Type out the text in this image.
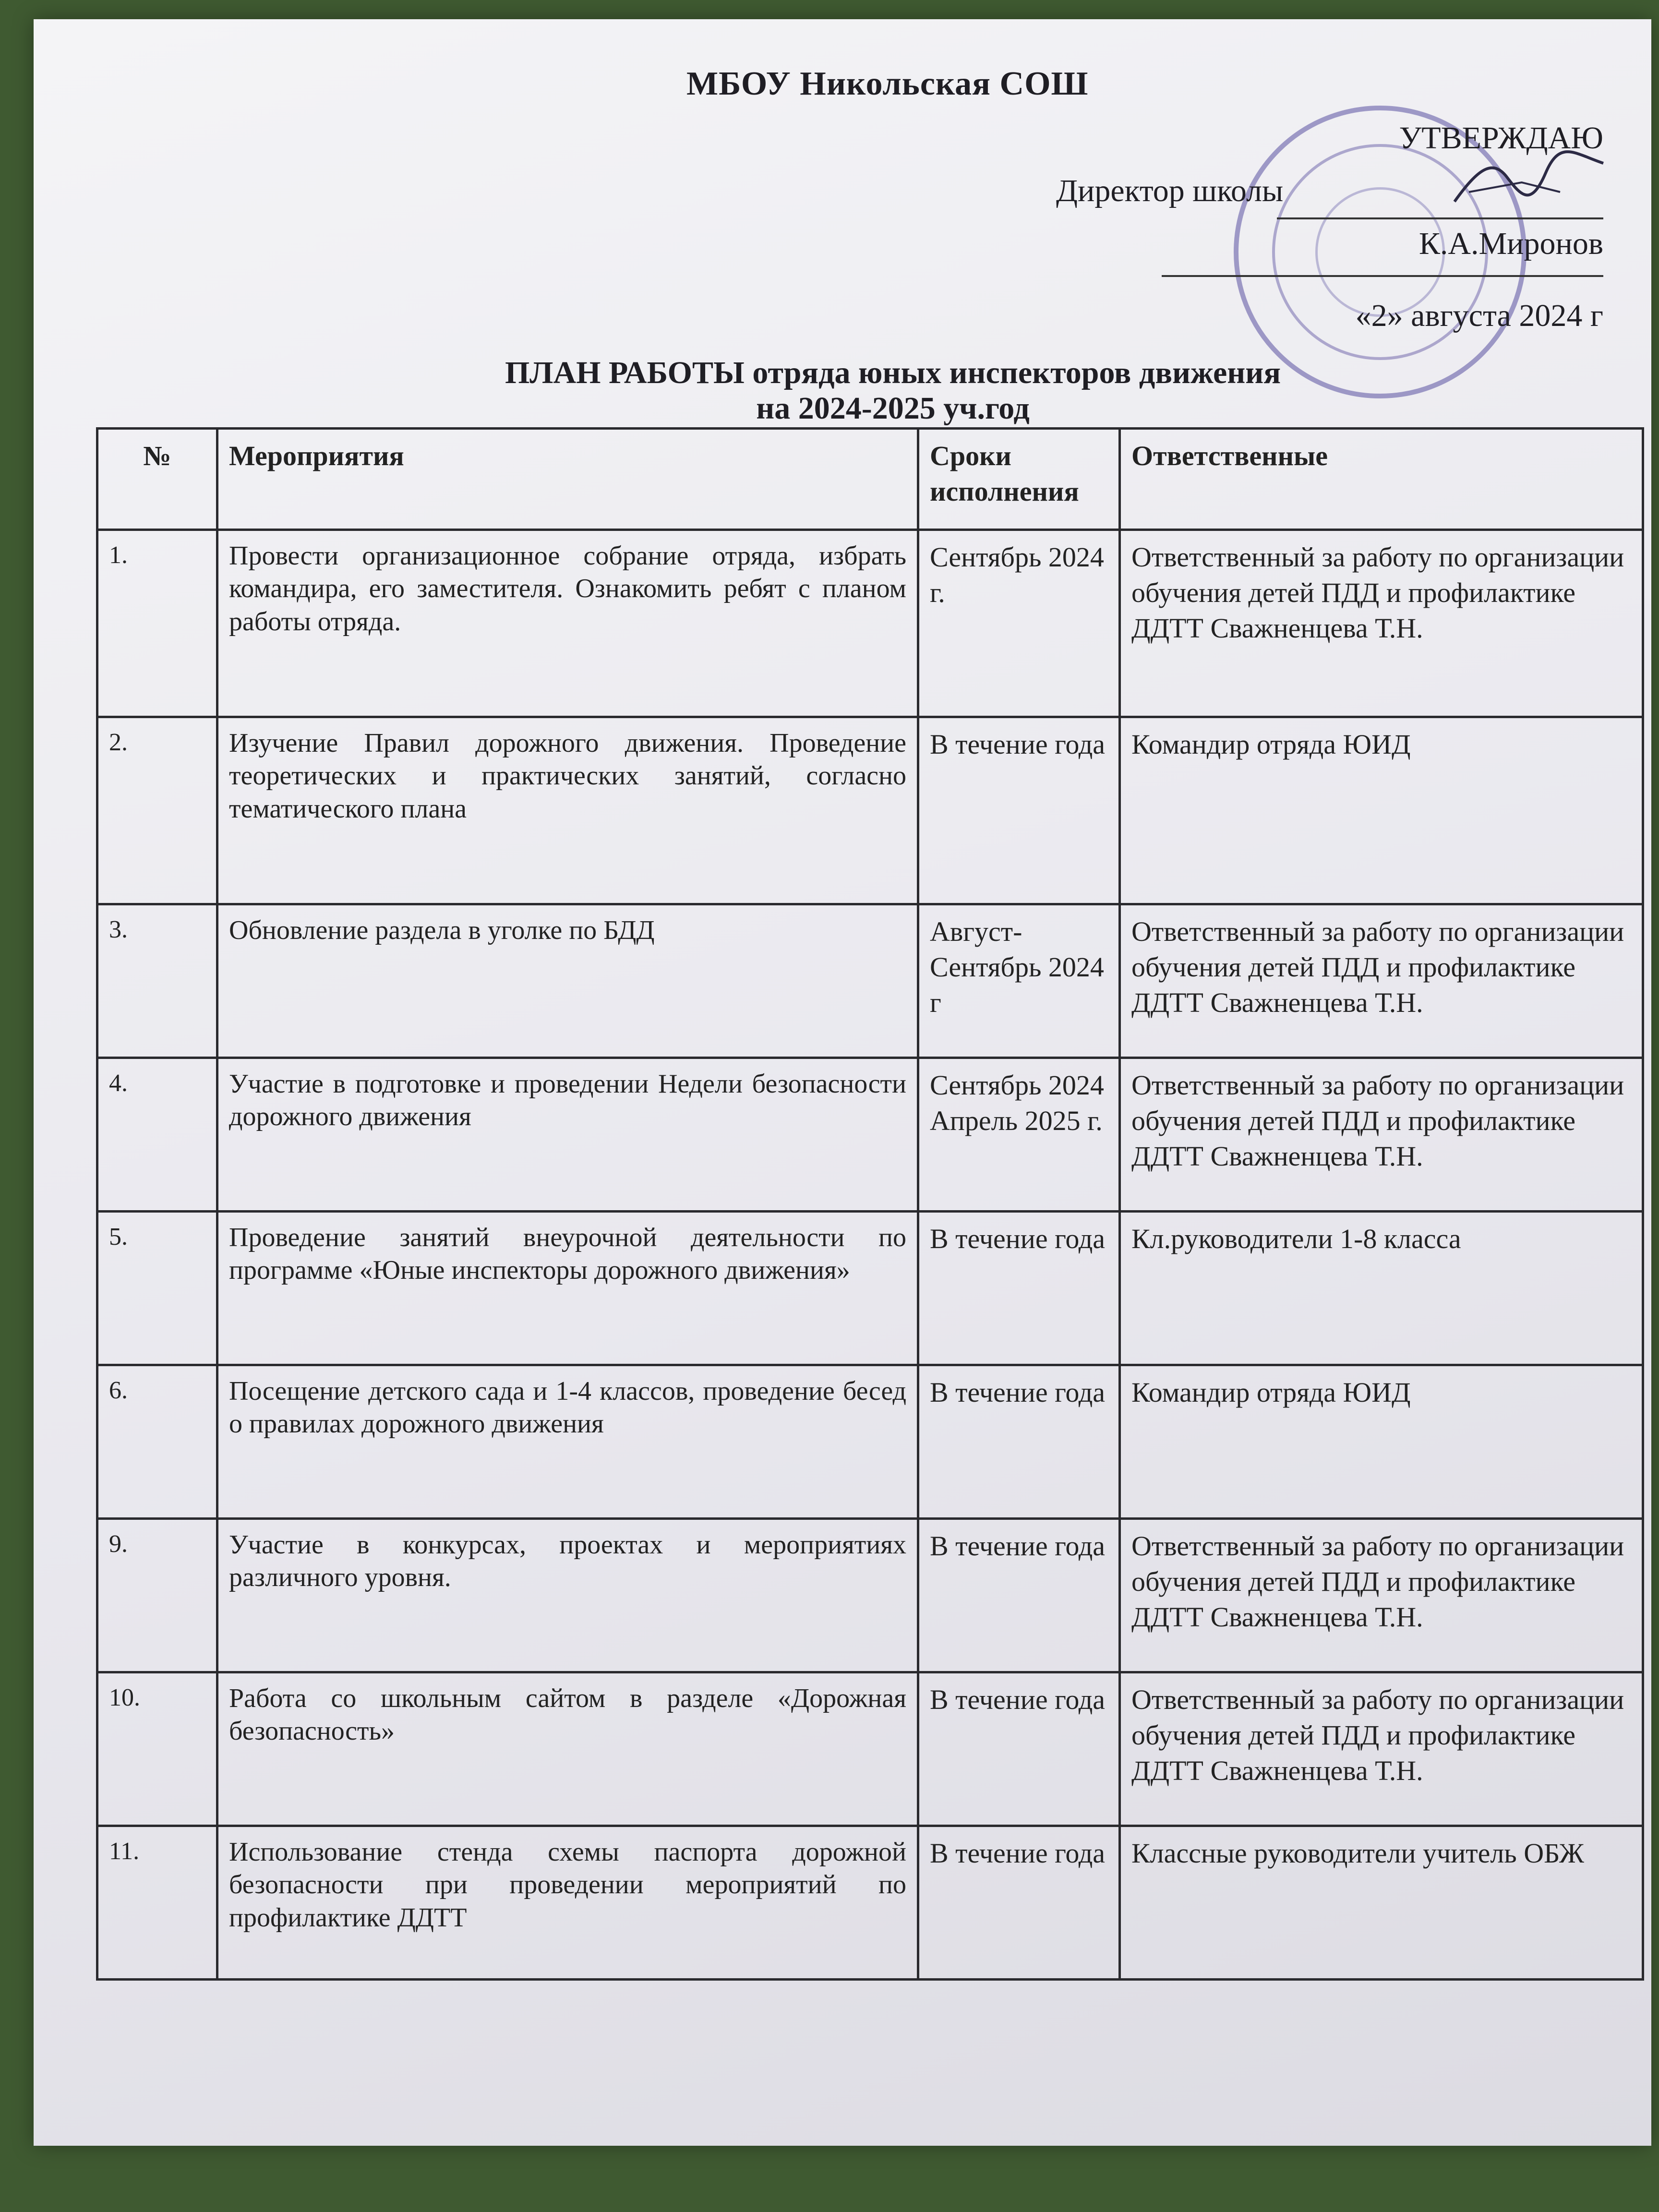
МБОУ Никольская СОШ
УТВЕРЖДАЮ
Директор школы
К.А.Миронов
«2» августа 2024 г
ПЛАН РАБОТЫ отряда юных инспекторов движения
на 2024-2025 уч.год
№	Мероприятия	Сроки исполнения	Ответственные
1.	Провести организационное собрание отряда, избрать командира, его заместителя. Ознакомить ребят с планом работы отряда.	Сентябрь 2024 г.	Ответственный за работу по организации обучения детей ПДД и профилактике ДДТТ Сважненцева Т.Н.
2.	Изучение Правил дорожного движения. Проведение теоретических и практических занятий, согласно тематического плана	В течение года	Командир отряда ЮИД
3.	Обновление раздела в уголке по БДД	Август-Сентябрь 2024 г	Ответственный за работу по организации обучения детей ПДД и профилактике ДДТТ Сважненцева Т.Н.
4.	Участие в подготовке и проведении Недели безопасности дорожного движения	Сентябрь 2024 Апрель 2025 г.	Ответственный за работу по организации обучения детей ПДД и профилактике ДДТТ Сважненцева Т.Н.
5.	Проведение занятий внеурочной деятельности по программе «Юные инспекторы дорожного движения»	В течение года	Кл.руководители 1-8 класса
6.	Посещение детского сада и 1-4 классов, проведение бесед о правилах дорожного движения	В течение года	Командир отряда ЮИД
9.	Участие в конкурсах, проектах и мероприятиях различного уровня.	В течение года	Ответственный за работу по организации обучения детей ПДД и профилактике ДДТТ Сважненцева Т.Н.
10.	Работа со школьным сайтом в разделе «Дорожная безопасность»	В течение года	Ответственный за работу по организации обучения детей ПДД и профилактике ДДТТ Сважненцева Т.Н.
11.	Использование стенда схемы паспорта дорожной безопасности при проведении мероприятий по профилактике ДДТТ	В течение года	Классные руководители учитель ОБЖ
